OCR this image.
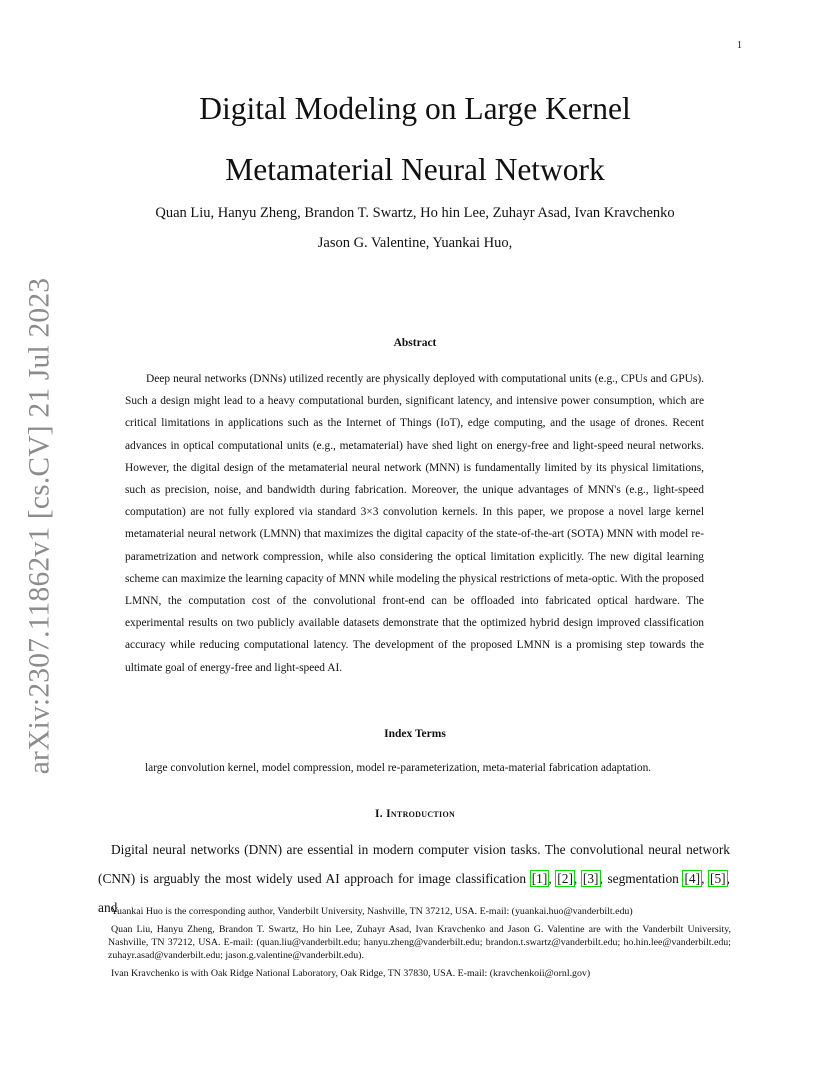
1
arXiv:2307.11862v1 [cs.CV] 21 Jul 2023
Digital Modeling on Large Kernel
Metamaterial Neural Network
Quan Liu, Hanyu Zheng, Brandon T. Swartz, Ho hin Lee, Zuhayr Asad, Ivan Kravchenko
Jason G. Valentine, Yuankai Huo,
Abstract

Deep neural networks (DNNs) utilized recently are physically deployed with computational units (e.g., CPUs and GPUs). Such a design might lead to a heavy computational burden, significant latency, and intensive power consumption, which are critical limitations in applications such as the Internet of Things (IoT), edge computing, and the usage of drones. Recent advances in optical computational units (e.g., metamaterial) have shed light on energy-free and light-speed neural networks. However, the digital design of the metamaterial neural network (MNN) is fundamentally limited by its physical limitations, such as precision, noise, and bandwidth during fabrication. Moreover, the unique advantages of MNN's (e.g., light-speed computation) are not fully explored via standard 3×3 convolution kernels. In this paper, we propose a novel large kernel metamaterial neural network (LMNN) that maximizes the digital capacity of the state-of-the-art (SOTA) MNN with model re-parametrization and network compression, while also considering the optical limitation explicitly. The new digital learning scheme can maximize the learning capacity of MNN while modeling the physical restrictions of meta-optic. With the proposed LMNN, the computation cost of the convolutional front-end can be offloaded into fabricated optical hardware. The experimental results on two publicly available datasets demonstrate that the optimized hybrid design improved classification accuracy while reducing computational latency. The development of the proposed LMNN is a promising step towards the ultimate goal of energy-free and light-speed AI.

Index Terms

large convolution kernel, model compression, model re-parameterization, meta-material fabrication adaptation.

I. Introduction

Digital neural networks (DNN) are essential in modern computer vision tasks. The convolutional neural network (CNN) is arguably the most widely used AI approach for image classification [1], [2], [3], segmentation [4], [5], and

Yuankai Huo is the corresponding author, Vanderbilt University, Nashville, TN 37212, USA. E-mail: (yuankai.huo@vanderbilt.edu)

Quan Liu, Hanyu Zheng, Brandon T. Swartz, Ho hin Lee, Zuhayr Asad, Ivan Kravchenko and Jason G. Valentine are with the Vanderbilt University, Nashville, TN 37212, USA. E-mail: (quan.liu@vanderbilt.edu; hanyu.zheng@vanderbilt.edu; brandon.t.swartz@vanderbilt.edu; ho.hin.lee@vanderbilt.edu; zuhayr.asad@vanderbilt.edu; jason.g.valentine@vanderbilt.edu).

Ivan Kravchenko is with Oak Ridge National Laboratory, Oak Ridge, TN 37830, USA. E-mail: (kravchenkoii@ornl.gov)
